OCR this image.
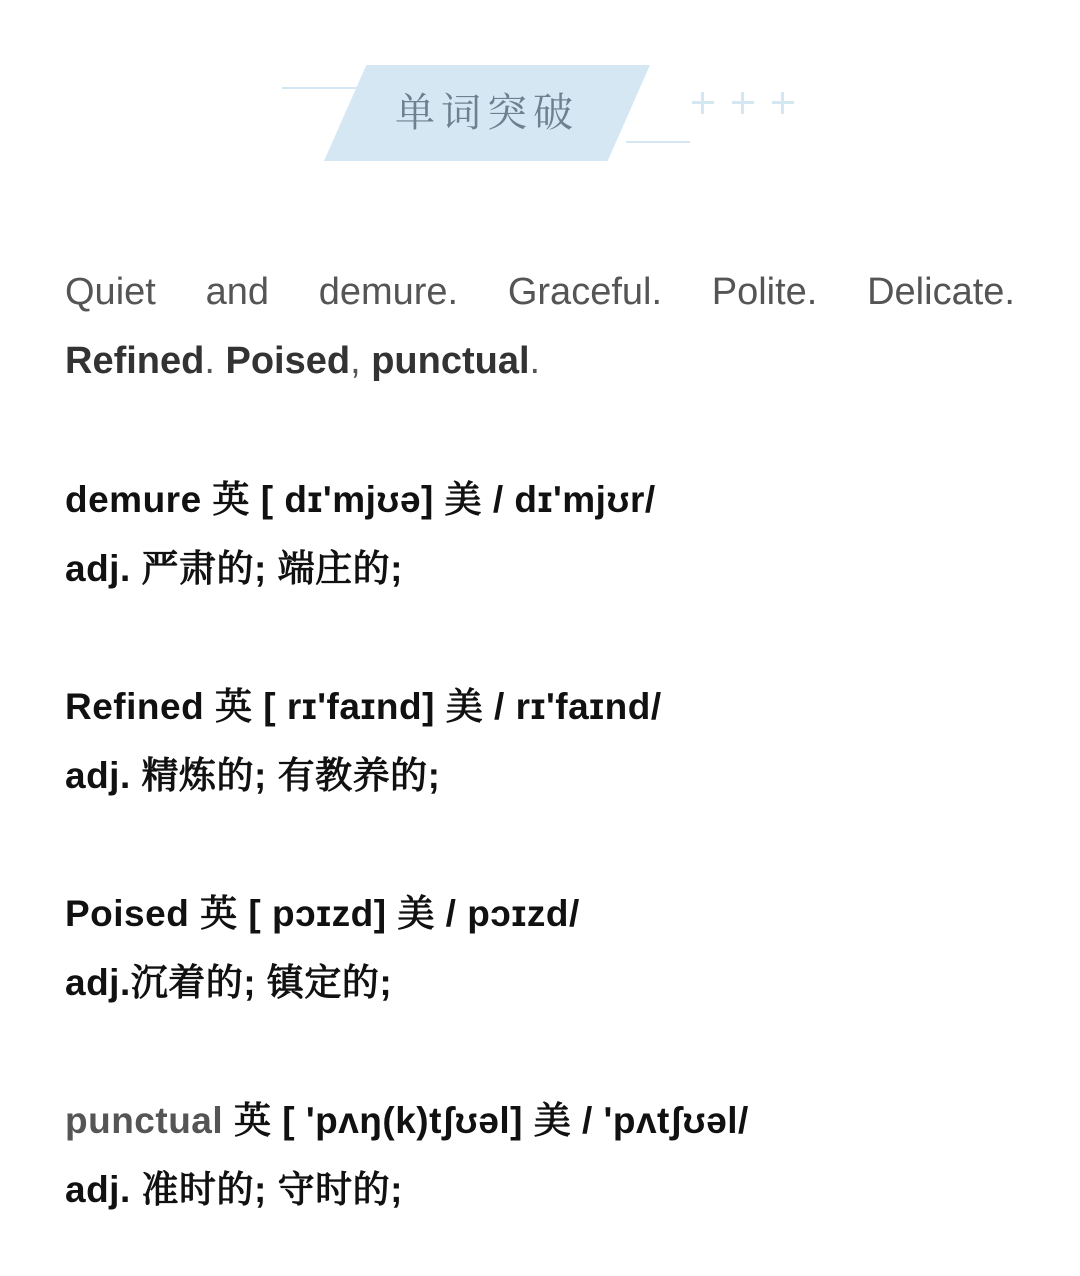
单词突破
Quiet and demure. Graceful. Polite. Delicate.
Refined. Poised, punctual.
demure 英 [ dɪ'mjʊə] 美 / dɪ'mjʊr/
adj. 严肃的; 端庄的;
Refined 英 [ rɪ'faɪnd] 美 / rɪ'faɪnd/
adj. 精炼的; 有教养的;
Poised 英 [ pɔɪzd] 美 / pɔɪzd/
adj.沉着的; 镇定的;
punctual 英 [ 'pʌŋ(k)tʃʊəl] 美 / 'pʌtʃʊəl/
adj. 准时的; 守时的;
